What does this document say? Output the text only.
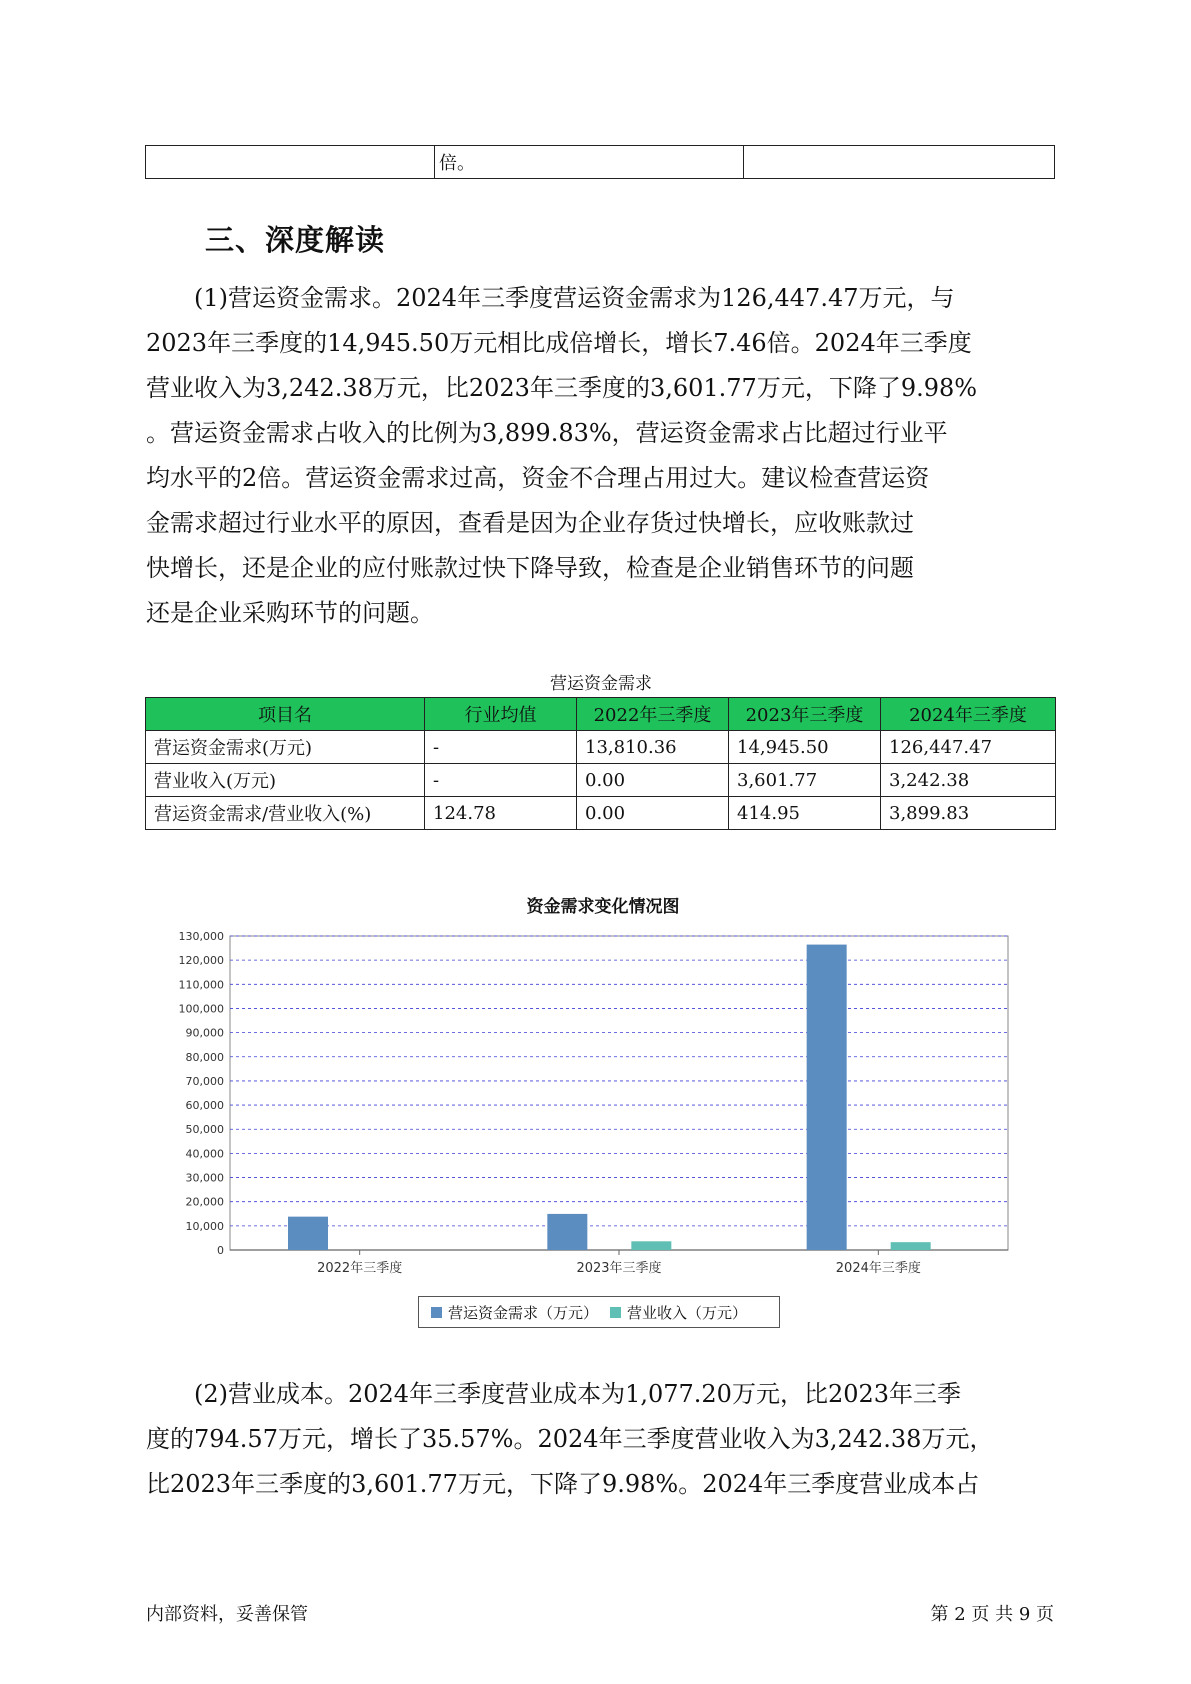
	倍。	
三、深度解读

(1)营运资金需求。2024年三季度营运资金需求为126,447.47万元，与
2023年三季度的14,945.50万元相比成倍增长，增长7.46倍。2024年三季度
营业收入为3,242.38万元，比2023年三季度的3,601.77万元，下降了9.98%
。营运资金需求占收入的比例为3,899.83%，营运资金需求占比超过行业平
均水平的2倍。营运资金需求过高，资金不合理占用过大。建议检查营运资
金需求超过行业水平的原因，查看是因为企业存货过快增长，应收账款过
快增长，还是企业的应付账款过快下降导致，检查是企业销售环节的问题
还是企业采购环节的问题。

营运资金需求
项目名	行业均值	2022年三季度	2023年三季度	2024年三季度
营运资金需求(万元)	-	13,810.36	14,945.50	126,447.47
营业收入(万元)	-	0.00	3,601.77	3,242.38
营运资金需求/营业收入(%)	124.78	0.00	414.95	3,899.83
资金需求变化情况图
0
10,000
20,000
30,000
40,000
50,000
60,000
70,000
80,000
90,000
100,000
110,000
120,000
130,000
2022年三季度	2023年三季度	2024年三季度
营运资金需求（万元） 营业收入（万元）

(2)营业成本。2024年三季度营业成本为1,077.20万元，比2023年三季
度的794.57万元，增长了35.57%。2024年三季度营业收入为3,242.38万元，
比2023年三季度的3,601.77万元，下降了9.98%。2024年三季度营业成本占

内部资料，妥善保管	第 2 页 共 9 页
